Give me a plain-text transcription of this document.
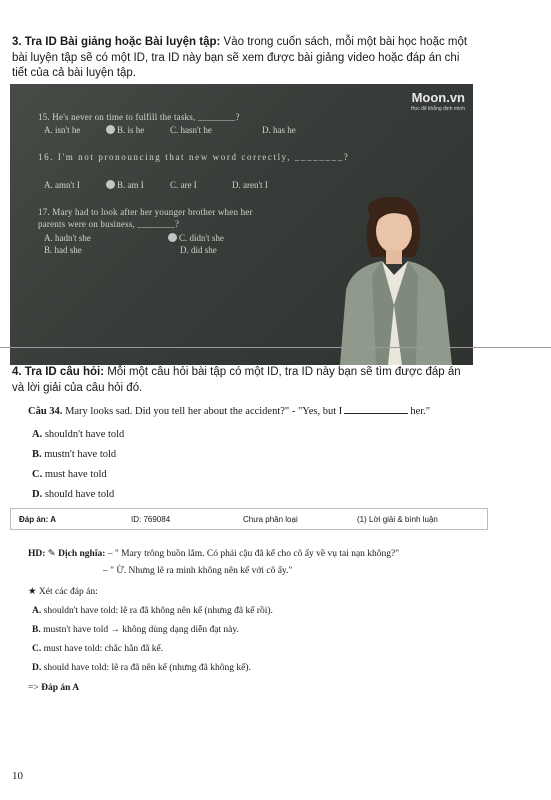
3. Tra ID Bài giảng hoặc Bài luyện tập: Vào trong cuốn sách, mỗi một bài học hoặc một
bài luyện tập sẽ có một ID, tra ID này bạn sẽ xem được bài giảng video hoặc đáp án chi
tiết của cả bài luyện tập.
Moon.vn
Học để khẳng định mình
15. He's never on time to fulfill the tasks, ________?
A. isn't he	B. is he	C. hasn't he	D. has he
16. I'm not pronouncing that new word correctly, ________?
A. amn't I	B. am I	C. are I	D. aren't I
17. Mary had to look after her younger brother when her
parents were on business, ________?
A. hadn't she
B. had she
C. didn't she
D. did she
4. Tra ID câu hỏi: Mỗi một câu hỏi bài tập có một ID, tra ID này bạn sẽ tìm được đáp án
và lời giải của câu hỏi đó.
Câu 34. Mary looks sad. Did you tell her about the accident?" - "Yes, but I	her."
A. shouldn't have told
B. mustn't have told
C. must have told
D. should have told
Đáp án: A	ID: 769084	Chưa phân loại	(1) Lời giải & bình luận
HD: ✎ Dịch nghĩa: – " Mary trông buồn lắm. Có phải cậu đã kể cho cô ấy về vụ tai nạn không?"
– " Ừ. Nhưng lẽ ra mình không nên kể với cô ấy."
★ Xét các đáp án:
A. shouldn't have told: lẽ ra đã không nên kể (nhưng đã kể rồi).
B. mustn't have told → không dùng dạng diễn đạt này.
C. must have told: chắc hẳn đã kể.
D. should have told: lẽ ra đã nên kể (nhưng đã không kể).
=> Đáp án A
10
